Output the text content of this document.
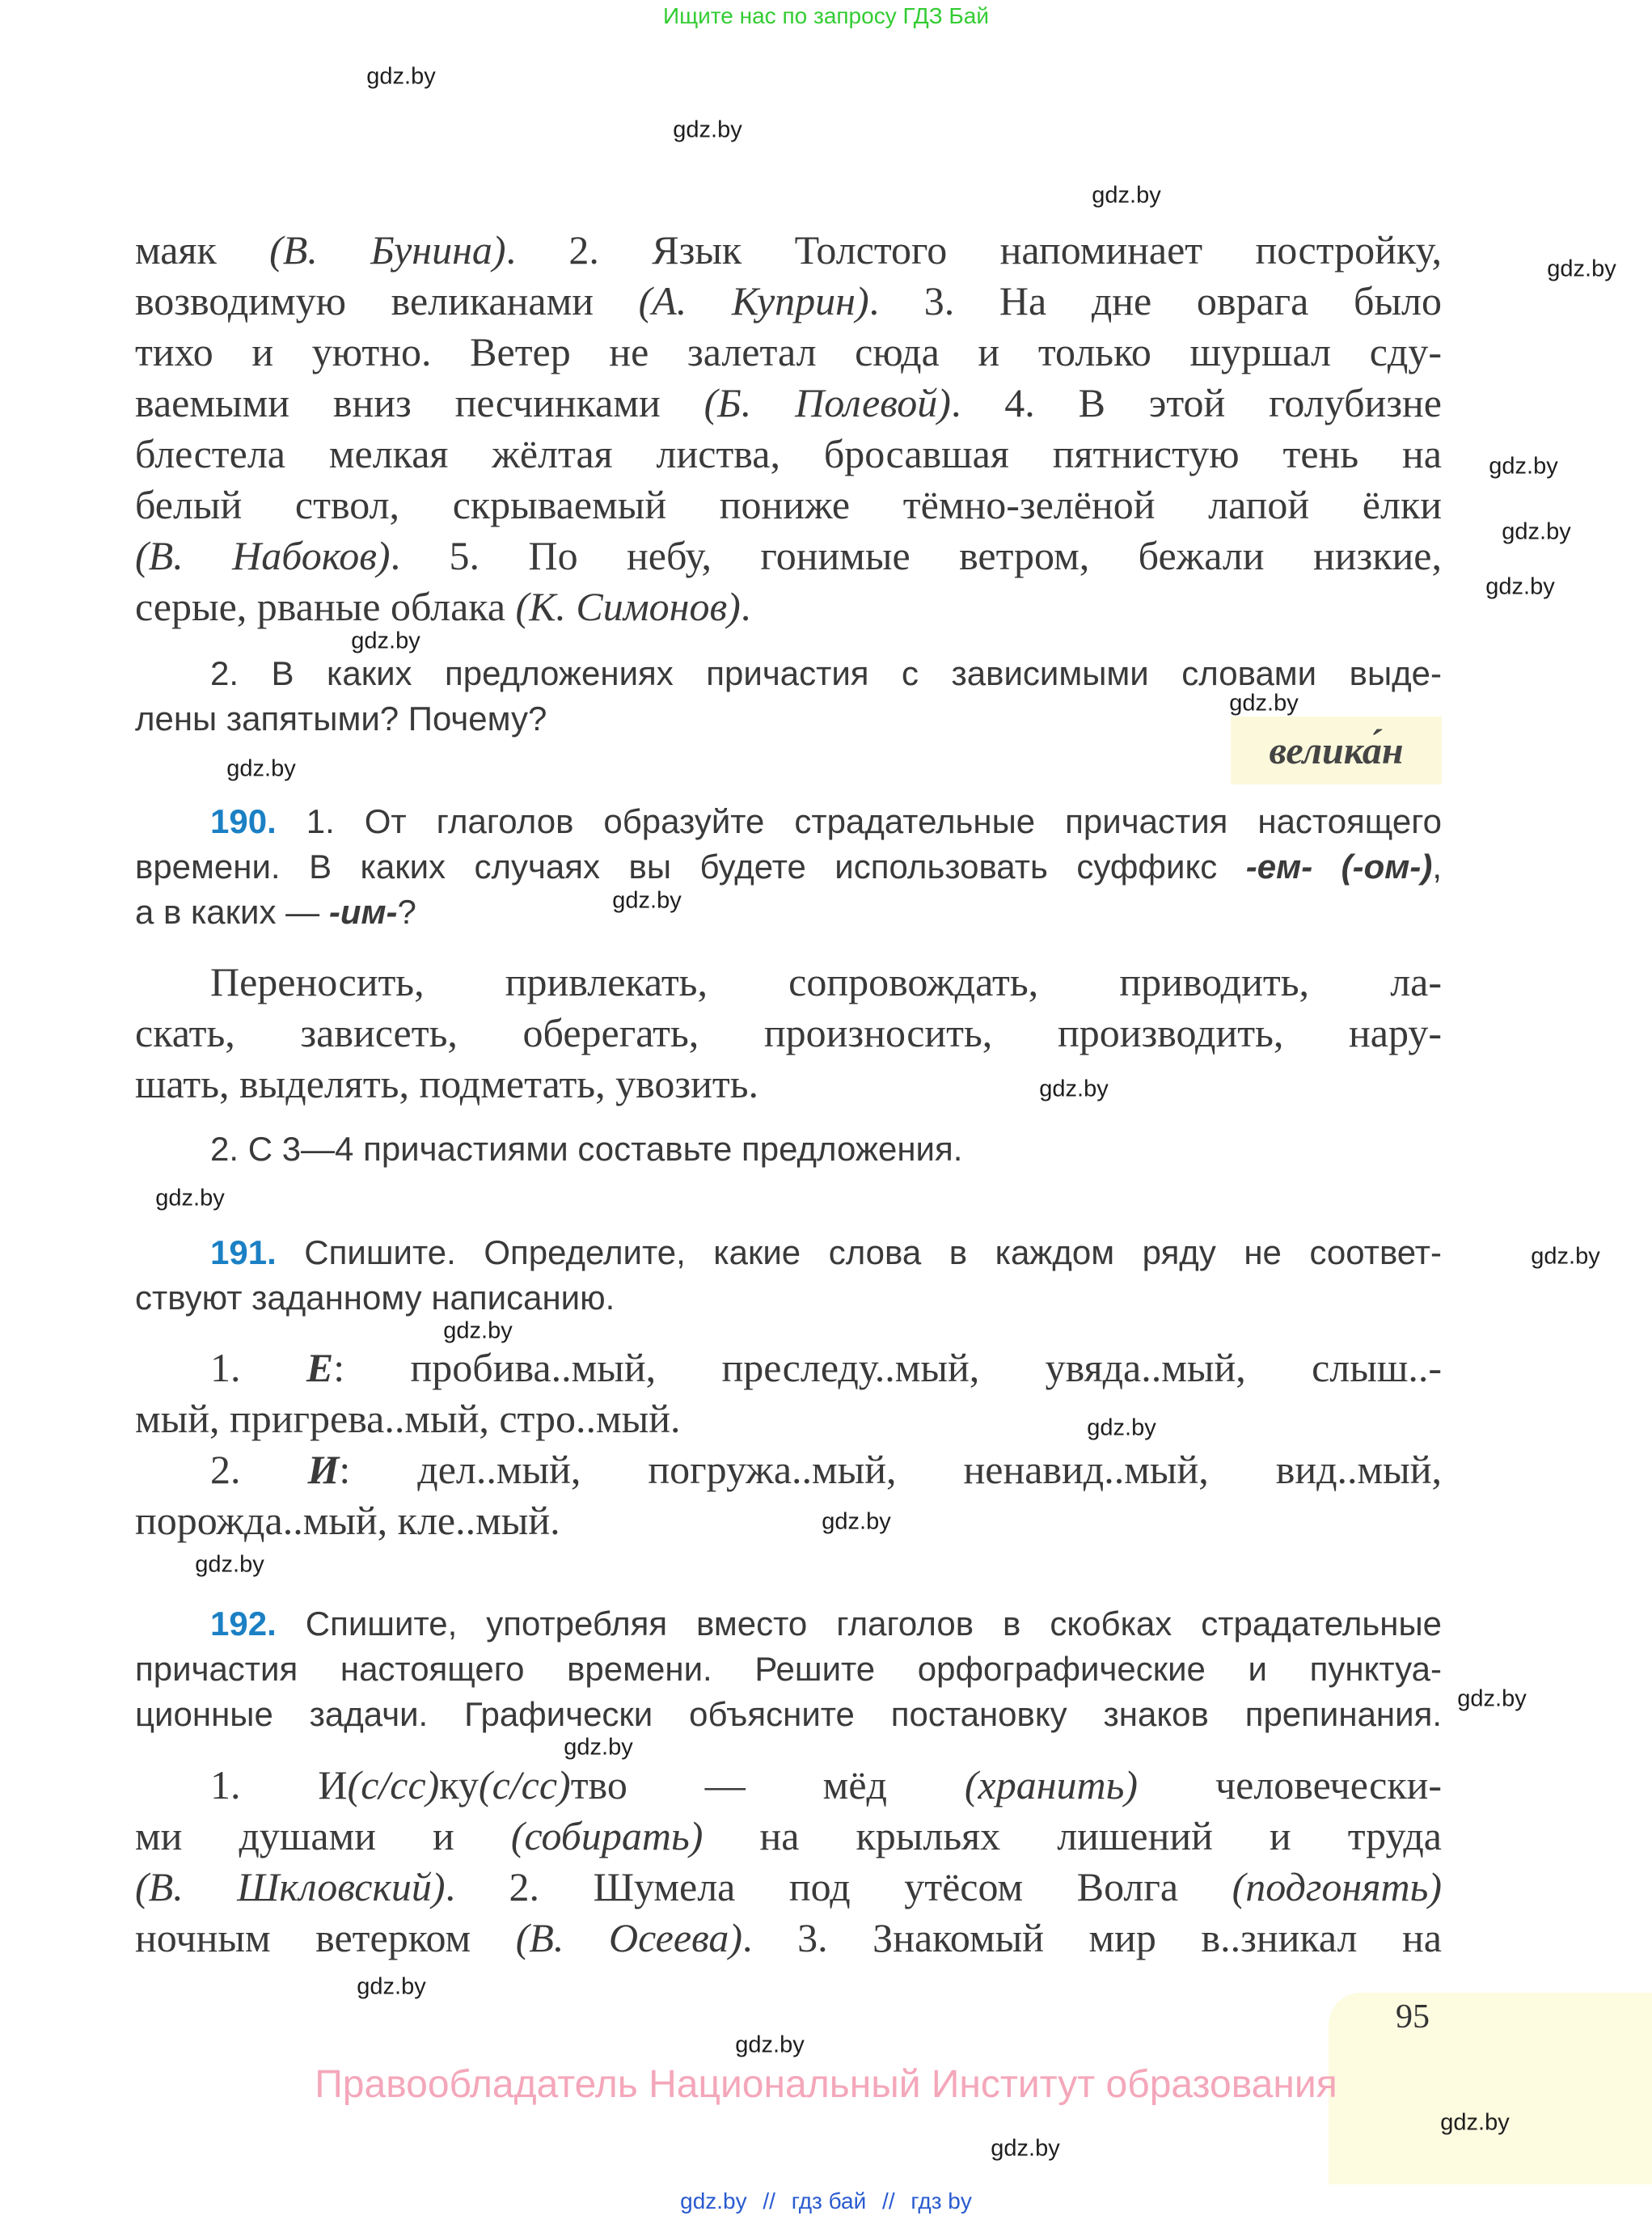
Ищите нас по запросу ГДЗ Бай
маяк (В. Бунина). 2. Язык Толстого напоминает постройку,
возводимую великанами (А. Куприн). 3. На дне оврага было
тихо и уютно. Ветер не залетал сюда и только шуршал сду-
ваемыми вниз песчинками (Б. Полевой). 4. В этой голубизне
блестела мелкая жёлтая листва, бросавшая пятнистую тень на
белый ствол, скрываемый пониже тёмно-зелёной лапой ёлки
(В. Набоков). 5. По небу, гонимые ветром, бежали низкие,
серые, рваные облака (К. Симонов).
2. В каких предложениях причастия с зависимыми словами выде-
лены запятыми? Почему?
190. 1. От глаголов образуйте страдательные причастия настоящего
времени. В каких случаях вы будете использовать суффикс -ем- (-ом-),
а в каких — -им-?
Переносить, привлекать, сопровождать, приводить, ла-
скать, зависеть, оберегать, произносить, производить, нару-
шать, выделять, подметать, увозить.
2. С 3—4 причастиями составьте предложения.
191. Спишите. Определите, какие слова в каждом ряду не соответ-
ствуют заданному написанию.
1. Е: пробива..мый, преследу..мый, увяда..мый, слыш..-
мый, пригрева..мый, стро..мый.
2. И: дел..мый, погружа..мый, ненавид..мый, вид..мый,
порожда..мый, кле..мый.
192. Спишите, употребляя вместо глаголов в скобках страдательные
причастия настоящего времени. Решите орфографические и пунктуа-
ционные задачи. Графически объясните постановку знаков препинания.
1. И(с/сс)ку(с/сс)тво — мёд (хранить) человечески-
ми душами и (собирать) на крыльях лишений и труда
(В. Шкловский). 2. Шумела под утёсом Волга (подгонять)
ночным ветерком (В. Осеева). 3. Знакомый мир в..зникал на
велика́н
95
Правообладатель Национальный Институт образования
gdz.by // гдз бай // гдз by
gdz.by
gdz.by
gdz.by
gdz.by
gdz.by
gdz.by
gdz.by
gdz.by
gdz.by
gdz.by
gdz.by
gdz.by
gdz.by
gdz.by
gdz.by
gdz.by
gdz.by
gdz.by
gdz.by
gdz.by
gdz.by
gdz.by
gdz.by
gdz.by
